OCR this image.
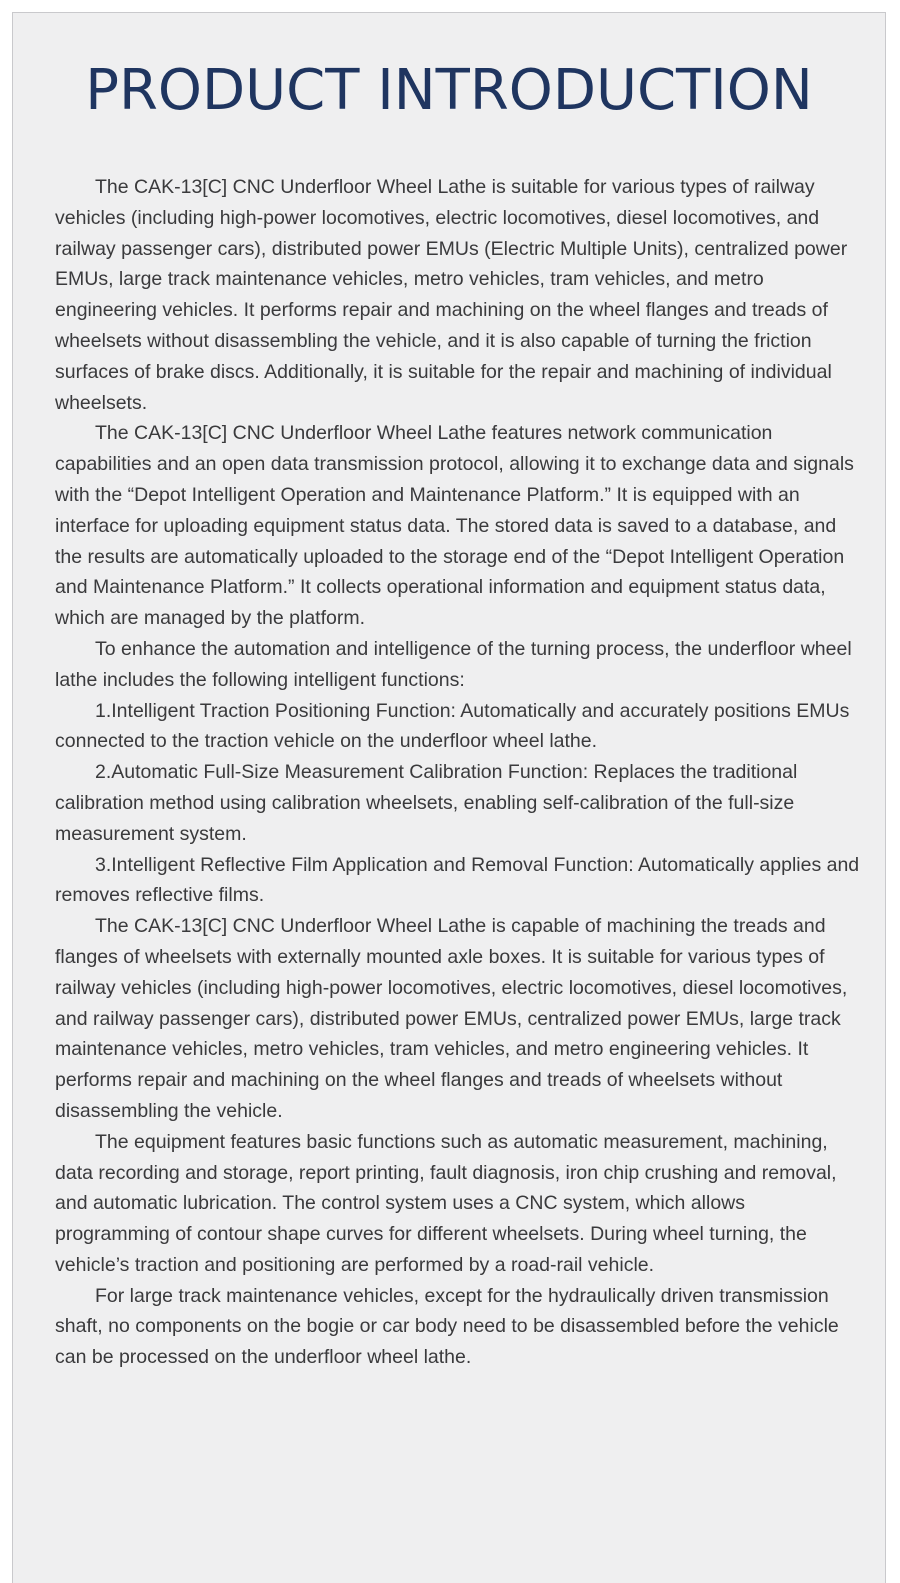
PRODUCT INTRODUCTION

The CAK-13[C] CNC Underfloor Wheel Lathe is suitable for various types of railway vehicles (including high-power locomotives, electric locomotives, diesel locomotives, and railway passenger cars), distributed power EMUs (Electric Multiple Units), centralized power EMUs, large track maintenance vehicles, metro vehicles, tram vehicles, and metro engineering vehicles. It performs repair and machining on the wheel flanges and treads of wheelsets without disassembling the vehicle, and it is also capable of turning the friction surfaces of brake discs. Additionally, it is suitable for the repair and machining of individual wheelsets.

The CAK-13[C] CNC Underfloor Wheel Lathe features network communication capabilities and an open data transmission protocol, allowing it to exchange data and signals with the “Depot Intelligent Operation and Maintenance Platform.” It is equipped with an interface for uploading equipment status data. The stored data is saved to a database, and the results are automatically uploaded to the storage end of the “Depot Intelligent Operation and Maintenance Platform.” It collects operational information and equipment status data, which are managed by the platform.

To enhance the automation and intelligence of the turning process, the underfloor wheel lathe includes the following intelligent functions:

1.Intelligent Traction Positioning Function: Automatically and accurately positions EMUs connected to the traction vehicle on the underfloor wheel lathe.

2.Automatic Full-Size Measurement Calibration Function: Replaces the traditional calibration method using calibration wheelsets, enabling self-calibration of the full-size measurement system.

3.Intelligent Reflective Film Application and Removal Function: Automatically applies and removes reflective films.

The CAK-13[C] CNC Underfloor Wheel Lathe is capable of machining the treads and flanges of wheelsets with externally mounted axle boxes. It is suitable for various types of railway vehicles (including high-power locomotives, electric locomotives, diesel locomotives, and railway passenger cars), distributed power EMUs, centralized power EMUs, large track maintenance vehicles, metro vehicles, tram vehicles, and metro engineering vehicles. It performs repair and machining on the wheel flanges and treads of wheelsets without disassembling the vehicle.

The equipment features basic functions such as automatic measurement, machining, data recording and storage, report printing, fault diagnosis, iron chip crushing and removal, and automatic lubrication. The control system uses a CNC system, which allows programming of contour shape curves for different wheelsets. During wheel turning, the vehicle’s traction and positioning are performed by a road-rail vehicle.

For large track maintenance vehicles, except for the hydraulically driven transmission shaft, no components on the bogie or car body need to be disassembled before the vehicle can be processed on the underfloor wheel lathe.
